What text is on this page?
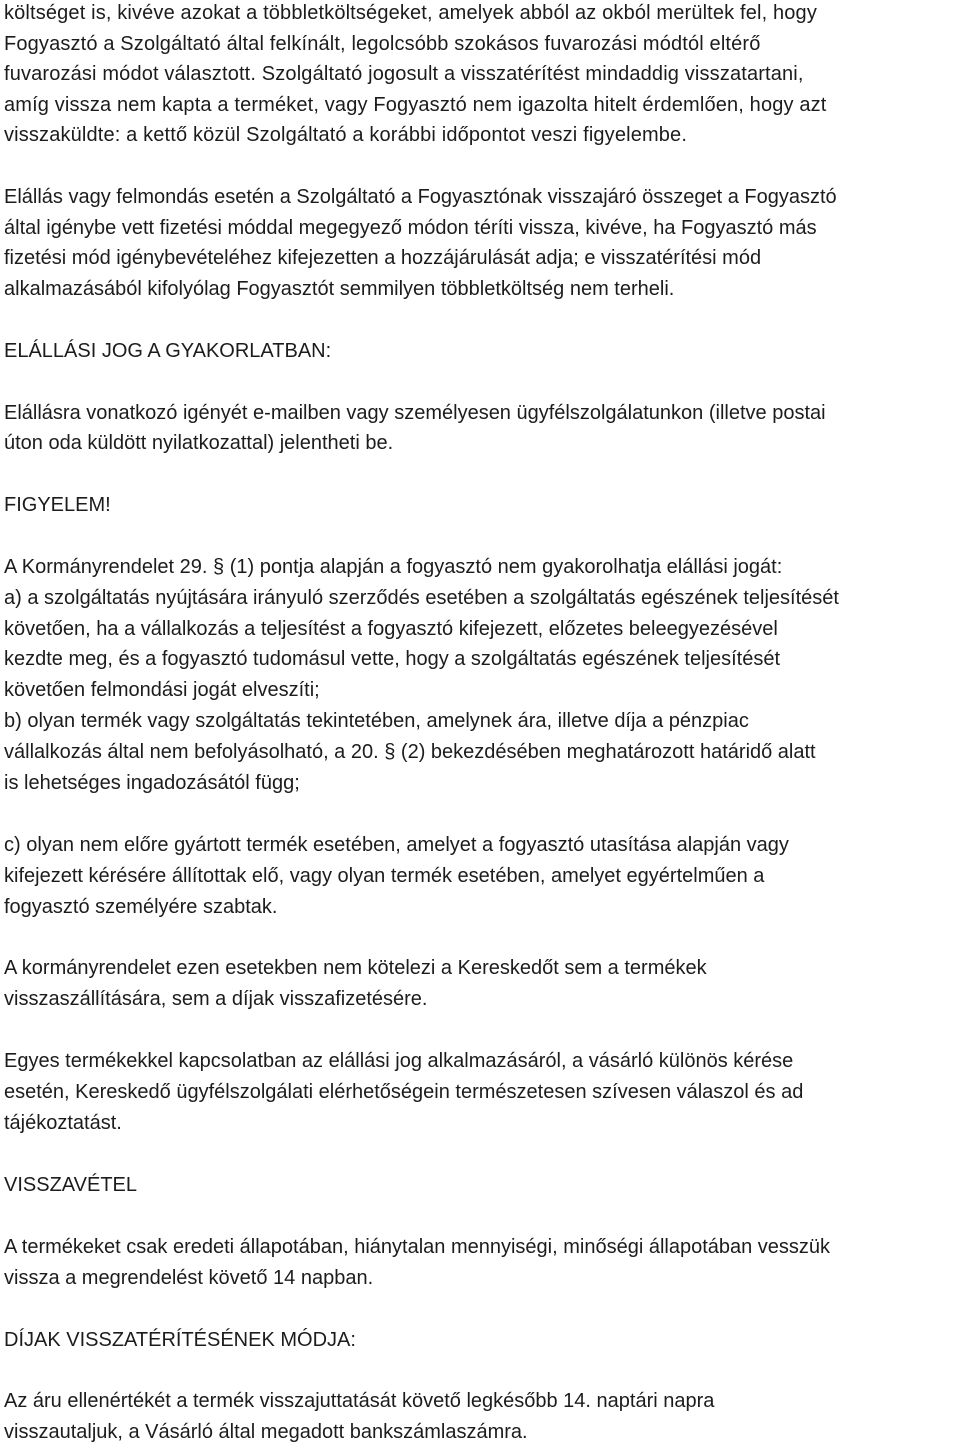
költséget is, kivéve azokat a többletköltségeket, amelyek abból az okból merültek fel, hogy
Fogyasztó a Szolgáltató által felkínált, legolcsóbb szokásos fuvarozási módtól eltérő
fuvarozási módot választott. Szolgáltató jogosult a visszatérítést mindaddig visszatartani,
amíg vissza nem kapta a terméket, vagy Fogyasztó nem igazolta hitelt érdemlően, hogy azt
visszaküldte: a kettő közül Szolgáltató a korábbi időpontot veszi figyelembe.
Elállás vagy felmondás esetén a Szolgáltató a Fogyasztónak visszajáró összeget a Fogyasztó
által igénybe vett fizetési móddal megegyező módon téríti vissza, kivéve, ha Fogyasztó más
fizetési mód igénybevételéhez kifejezetten a hozzájárulását adja; e visszatérítési mód
alkalmazásából kifolyólag Fogyasztót semmilyen többletköltség nem terheli.
ELÁLLÁSI JOG A GYAKORLATBAN:
Elállásra vonatkozó igényét e-mailben vagy személyesen ügyfélszolgálatunkon (illetve postai
úton oda küldött nyilatkozattal) jelentheti be.
FIGYELEM!
A Kormányrendelet 29. § (1) pontja alapján a fogyasztó nem gyakorolhatja elállási jogát:
a) a szolgáltatás nyújtására irányuló szerződés esetében a szolgáltatás egészének teljesítését
követően, ha a vállalkozás a teljesítést a fogyasztó kifejezett, előzetes beleegyezésével
kezdte meg, és a fogyasztó tudomásul vette, hogy a szolgáltatás egészének teljesítését
követően felmondási jogát elveszíti;
b) olyan termék vagy szolgáltatás tekintetében, amelynek ára, illetve díja a pénzpiac
vállalkozás által nem befolyásolható, a 20. § (2) bekezdésében meghatározott határidő alatt
is lehetséges ingadozásától függ;
c) olyan nem előre gyártott termék esetében, amelyet a fogyasztó utasítása alapján vagy
kifejezett kérésére állítottak elő, vagy olyan termék esetében, amelyet egyértelműen a
fogyasztó személyére szabtak.
A kormányrendelet ezen esetekben nem kötelezi a Kereskedőt sem a termékek
visszaszállítására, sem a díjak visszafizetésére.
Egyes termékekkel kapcsolatban az elállási jog alkalmazásáról, a vásárló különös kérése
esetén, Kereskedő ügyfélszolgálati elérhetőségein természetesen szívesen válaszol és ad
tájékoztatást.
VISSZAVÉTEL
A termékeket csak eredeti állapotában, hiánytalan mennyiségi, minőségi állapotában vesszük
vissza a megrendelést követő 14 napban.
DÍJAK VISSZATÉRÍTÉSÉNEK MÓDJA:
Az áru ellenértékét a termék visszajuttatását követő legkésőbb 14. naptári napra
visszautaljuk, a Vásárló által megadott bankszámlaszámra.
